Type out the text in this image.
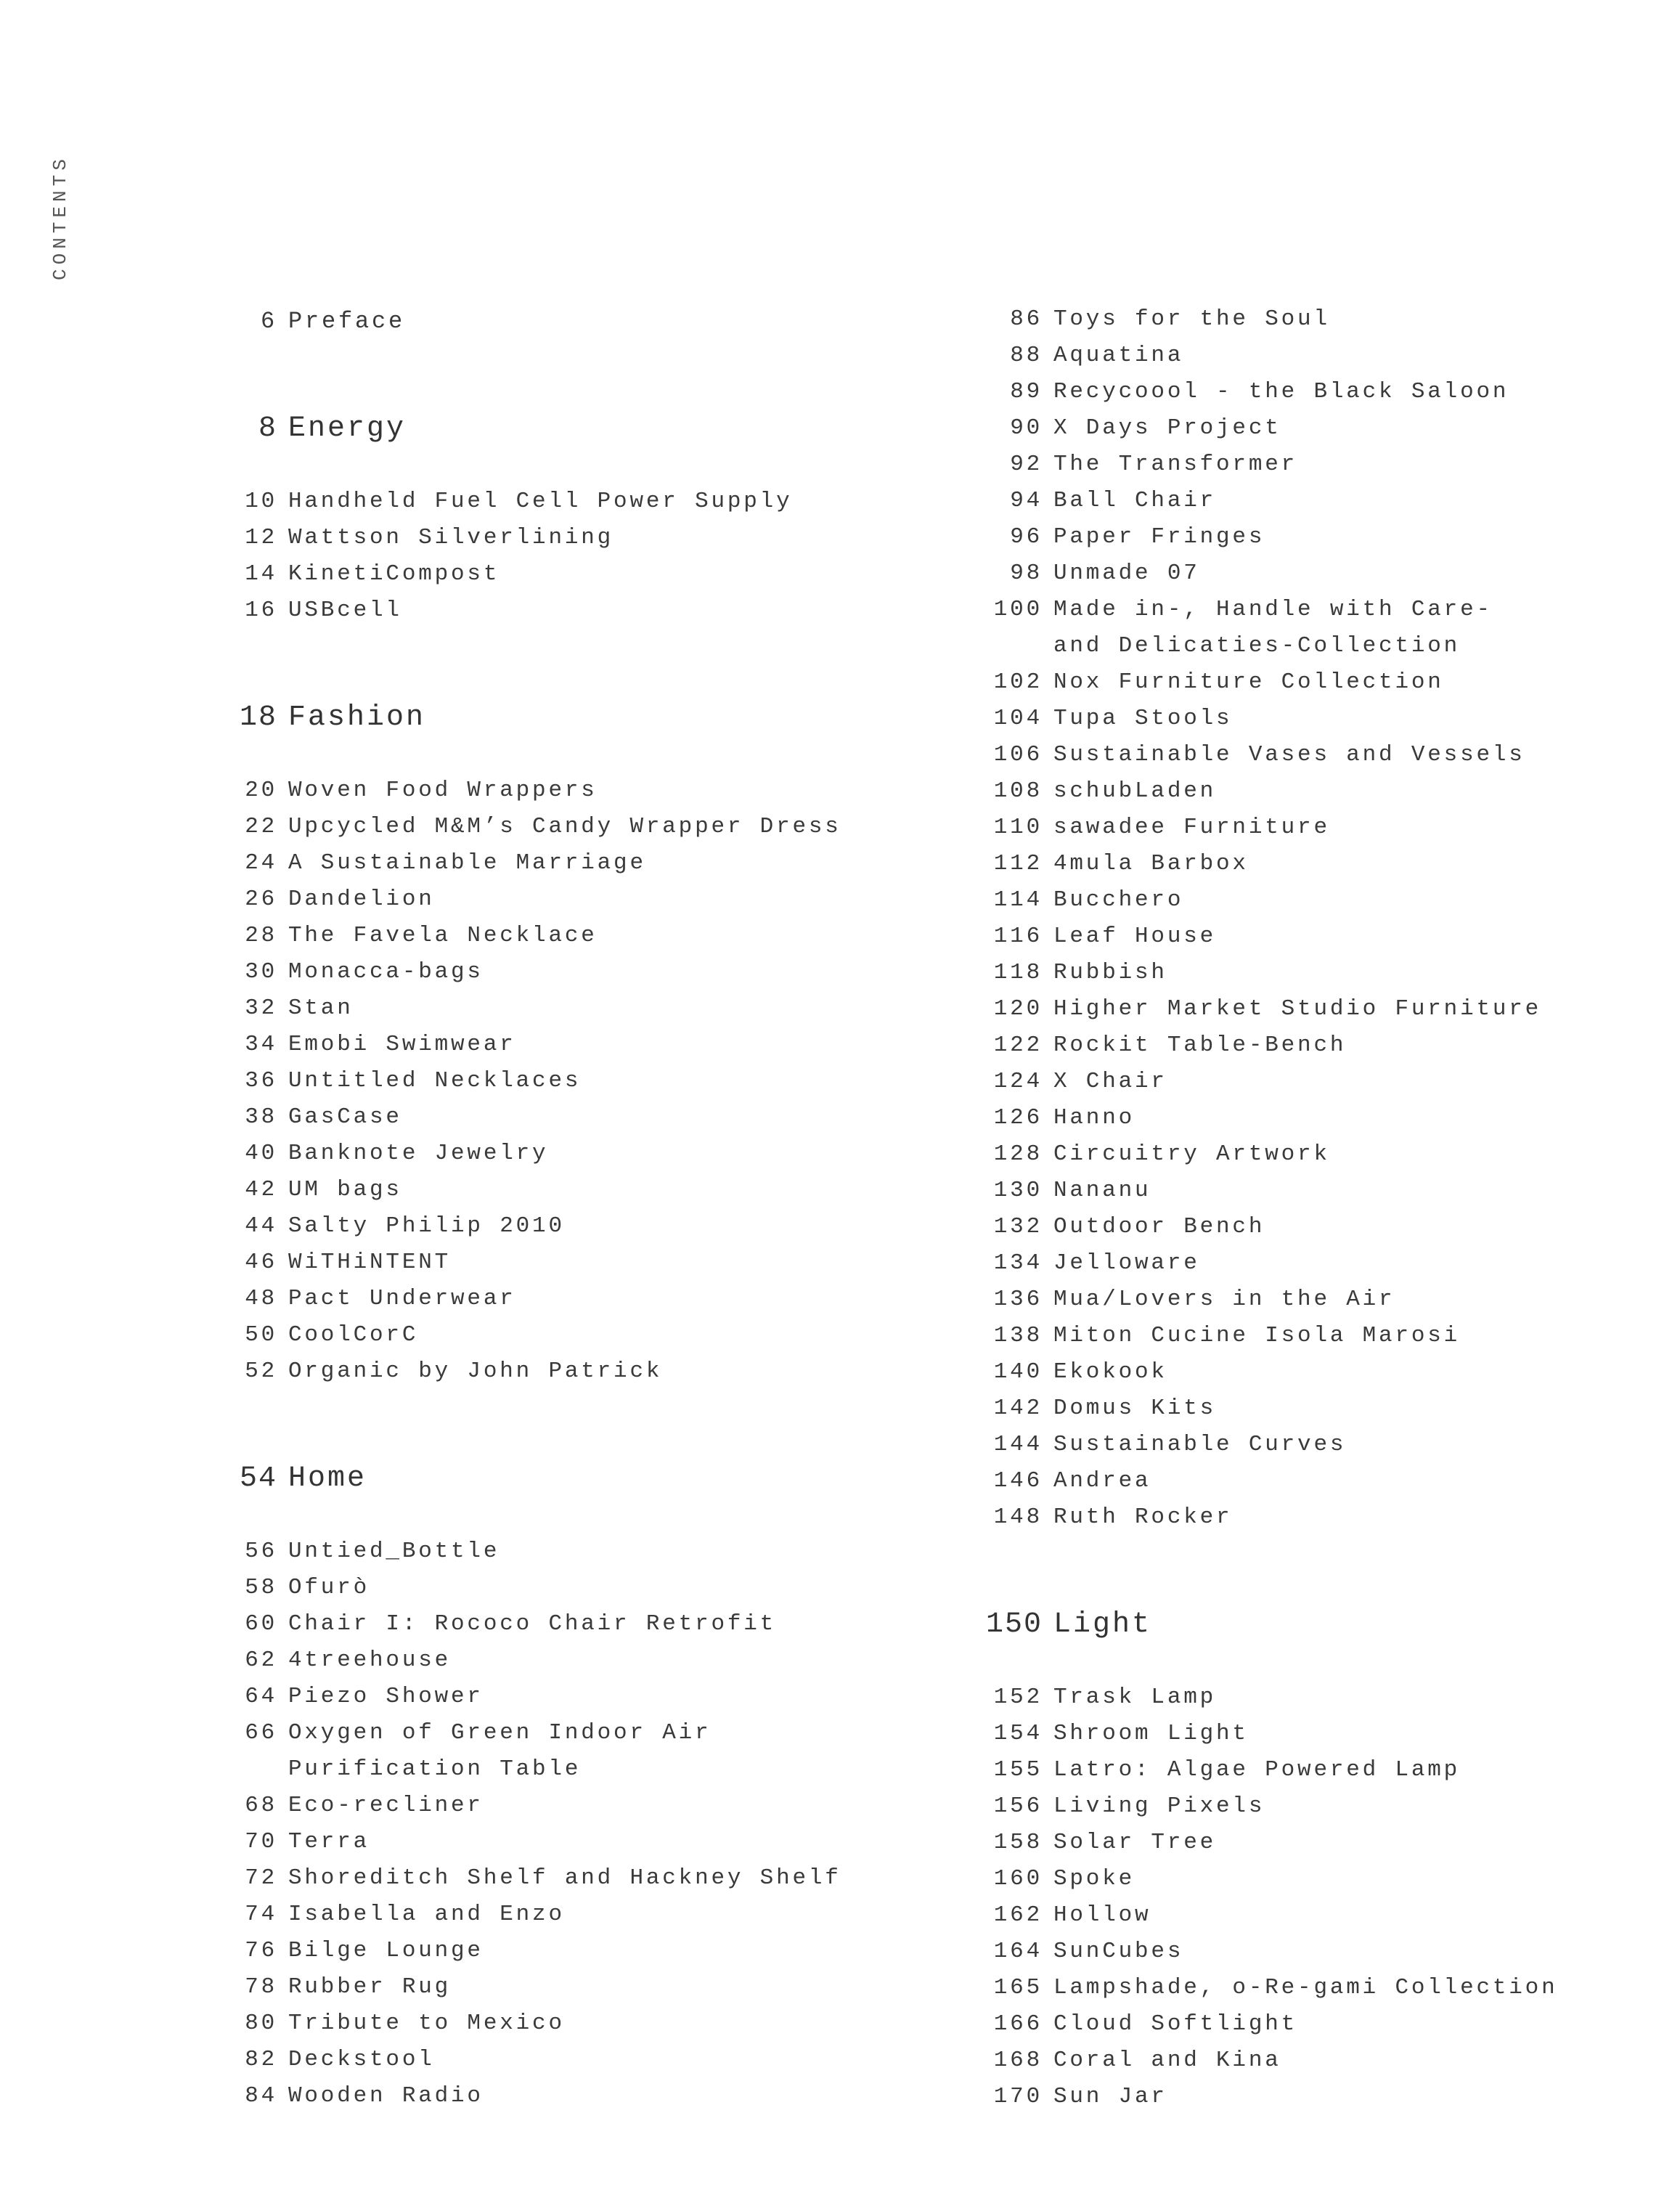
CONTENTS
6 Preface
8 Energy
10 Handheld Fuel Cell Power Supply
12 Wattson Silverlining
14 KinetiCompost
16 USBcell
18 Fashion
20 Woven Food Wrappers
22 Upcycled M&M’s Candy Wrapper Dress
24 A Sustainable Marriage
26 Dandelion
28 The Favela Necklace
30 Monacca-bags
32 Stan
34 Emobi Swimwear
36 Untitled Necklaces
38 GasCase
40 Banknote Jewelry
42 UM bags
44 Salty Philip 2010
46 WiTHiNTENT
48 Pact Underwear
50 CoolCorC
52 Organic by John Patrick
54 Home
56 Untied_Bottle
58 Ofurò
60 Chair I: Rococo Chair Retrofit
62 4treehouse
64 Piezo Shower
66 Oxygen of Green Indoor Air
Purification Table
68 Eco-recliner
70 Terra
72 Shoreditch Shelf and Hackney Shelf
74 Isabella and Enzo
76 Bilge Lounge
78 Rubber Rug
80 Tribute to Mexico
82 Deckstool
84 Wooden Radio
86 Toys for the Soul
88 Aquatina
89 Recycoool - the Black Saloon
90 X Days Project
92 The Transformer
94 Ball Chair
96 Paper Fringes
98 Unmade 07
100 Made in-, Handle with Care-
and Delicaties-Collection
102 Nox Furniture Collection
104 Tupa Stools
106 Sustainable Vases and Vessels
108 schubLaden
110 sawadee Furniture
112 4mula Barbox
114 Bucchero
116 Leaf House
118 Rubbish
120 Higher Market Studio Furniture
122 Rockit Table-Bench
124 X Chair
126 Hanno
128 Circuitry Artwork
130 Nananu
132 Outdoor Bench
134 Jelloware
136 Mua/Lovers in the Air
138 Miton Cucine Isola Marosi
140 Ekokook
142 Domus Kits
144 Sustainable Curves
146 Andrea
148 Ruth Rocker
150 Light
152 Trask Lamp
154 Shroom Light
155 Latro: Algae Powered Lamp
156 Living Pixels
158 Solar Tree
160 Spoke
162 Hollow
164 SunCubes
165 Lampshade, o-Re-gami Collection
166 Cloud Softlight
168 Coral and Kina
170 Sun Jar
